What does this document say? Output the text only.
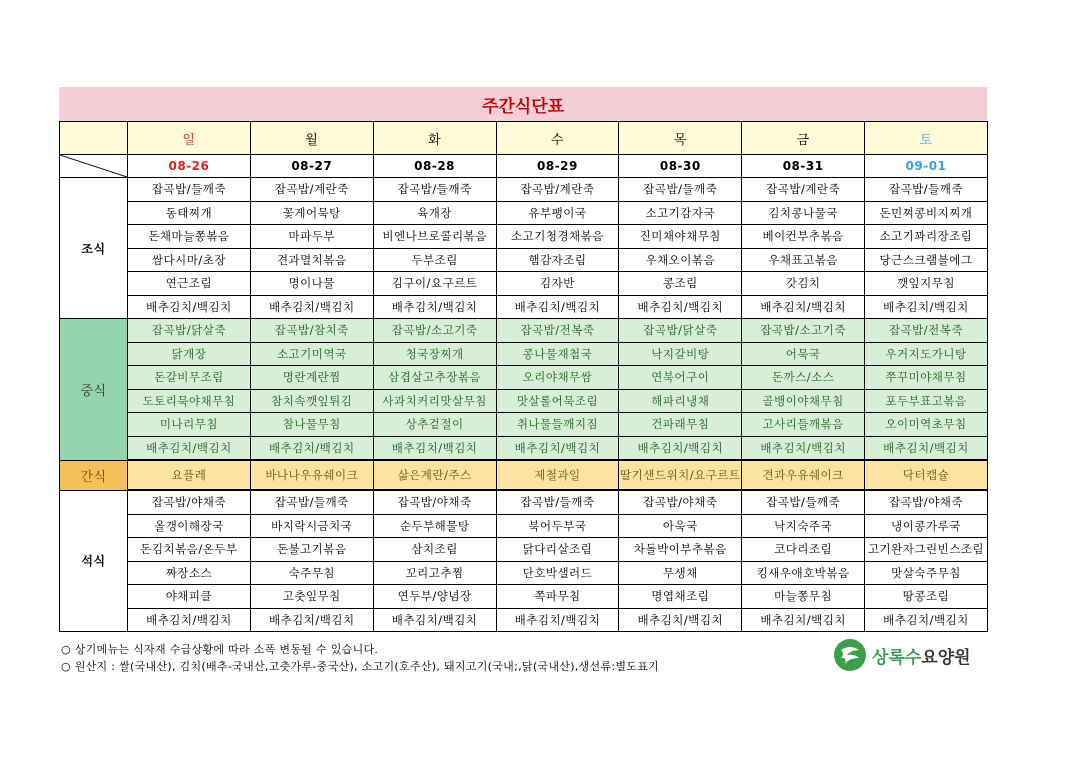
주간식단표
	일	월	화	수	목	금	토

	08-26	08-27	08-28	08-29	08-30	08-31	09-01
조식	잡곡밥/들깨죽	잡곡밥/계란죽	잡곡밥/들깨죽	잡곡밥/계란죽	잡곡밥/들깨죽	잡곡밥/계란죽	잡곡밥/들깨죽
	동태찌개	꽃게어묵탕	육개장	유부팽이국	소고기감자국	김치콩나물국	돈민찌콩비지찌개
	돈채마늘쫑볶음	마파두부	비엔나브로콜리볶음	소고기청경채볶음	진미채야채무침	베이컨부추볶음	소고기꽈리장조림
	쌈다시마/초장	견과멸치볶음	두부조림	햄감자조림	우채오이볶음	우채표고볶음	당근스크램블에그
	연근조림	명이나물	김구이/요구르트	김자반	콩조림	갓김치	깻잎지무침
	배추김치/백김치	배추김치/백김치	배추김치/백김치	배추김치/백김치	배추김치/백김치	배추김치/백김치	배추김치/백김치
중식	잡곡밥/닭살죽	잡곡밥/참치죽	잡곡밥/소고기죽	잡곡밥/전복죽	잡곡밥/닭살죽	잡곡밥/소고기죽	잡곡밥/전복죽
	닭개장	소고기미역국	청국장찌개	콩나물재첩국	낙지갈비탕	어묵국	우거지도가니탕
	돈갈비무조림	명란계란찜	삼겹살고추장볶음	오리야채무쌈	연북어구이	돈까스/소스	쭈꾸미야채무침
	도토리묵야채무침	참치속깻잎튀김	사과치커리맛살무침	맛살롤어묵조림	해파리냉채	골뱅이야채무침	포두부표고볶음
	미나리무침	참나물무침	상추겉절이	취나물들깨지짐	건파래무침	고사리들깨볶음	오이미역초무침
	배추김치/백김치	배추김치/백김치	배추김치/백김치	배추김치/백김치	배추김치/백김치	배추김치/백김치	배추김치/백김치
간식	요플레	바나나우유쉐이크	삶은계란/주스	제철과일	딸기샌드위치/요구르트	견과우유쉐이크	닥터캡슐
석식	잡곡밥/야채죽	잡곡밥/들깨죽	잡곡밥/야채죽	잡곡밥/들깨죽	잡곡밥/야채죽	잡곡밥/들깨죽	잡곡밥/야채죽
	올갱이해장국	바지락시금치국	순두부해물탕	북어두부국	아욱국	낙지숙주국	냉이콩가루국
	돈김치볶음/온두부	돈불고기볶음	삼치조림	닭다리살조림	차돌박이부추볶음	코다리조림	고기완자그린빈스조림
	짜장소스	숙주무침	꼬리고추찜	단호박샐러드	무생채	킹새우애호박볶음	맛살숙주무침
	야채피클	고춧잎무침	연두부/양념장	쪽파무침	명엽채조림	마늘쫑무침	땅콩조림
	배추김치/백김치	배추김치/백김치	배추김치/백김치	배추김치/백김치	배추김치/백김치	배추김치/백김치	배추김치/백김치
○ 상기메뉴는 식자재 수급상황에 따라 소폭 변동될 수 있습니다.
○ 원산지 : 쌀(국내산), 김치(배추-국내산,고춧가루-중국산), 소고기(호주산), 돼지고기(국내;,닭(국내산),생선류:별도표기	상록수요양원
